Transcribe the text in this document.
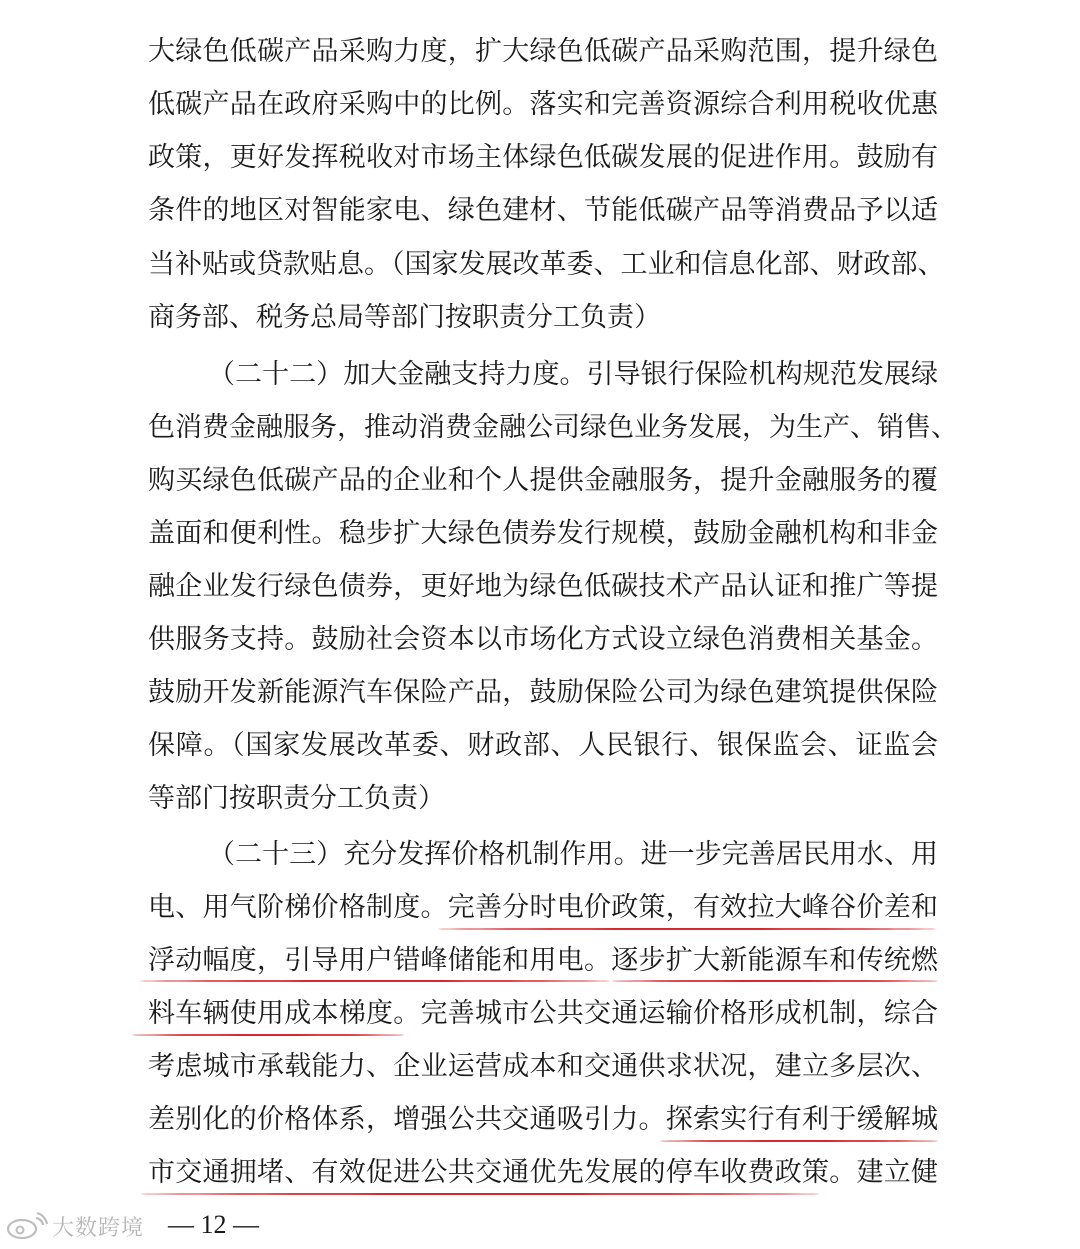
大绿色低碳产品采购力度，扩大绿色低碳产品采购范围，提升绿色
低碳产品在政府采购中的比例。落实和完善资源综合利用税收优惠
政策，更好发挥税收对市场主体绿色低碳发展的促进作用。鼓励有
条件的地区对智能家电、绿色建材、节能低碳产品等消费品予以适
当补贴或贷款贴息。（国家发展改革委、工业和信息化部、财政部、
商务部、税务总局等部门按职责分工负责）
（二十二）加大金融支持力度。引导银行保险机构规范发展绿
色消费金融服务，推动消费金融公司绿色业务发展，为生产、销售、
购买绿色低碳产品的企业和个人提供金融服务，提升金融服务的覆
盖面和便利性。稳步扩大绿色债券发行规模，鼓励金融机构和非金
融企业发行绿色债券，更好地为绿色低碳技术产品认证和推广等提
供服务支持。鼓励社会资本以市场化方式设立绿色消费相关基金。
鼓励开发新能源汽车保险产品，鼓励保险公司为绿色建筑提供保险
保障。（国家发展改革委、财政部、人民银行、银保监会、证监会
等部门按职责分工负责）
（二十三）充分发挥价格机制作用。进一步完善居民用水、用
电、用气阶梯价格制度。完善分时电价政策，有效拉大峰谷价差和
浮动幅度，引导用户错峰储能和用电。逐步扩大新能源车和传统燃
料车辆使用成本梯度。完善城市公共交通运输价格形成机制，综合
考虑城市承载能力、企业运营成本和交通供求状况，建立多层次、
差别化的价格体系，增强公共交通吸引力。探索实行有利于缓解城
市交通拥堵、有效促进公共交通优先发展的停车收费政策。建立健
大数跨境 — 12 —
